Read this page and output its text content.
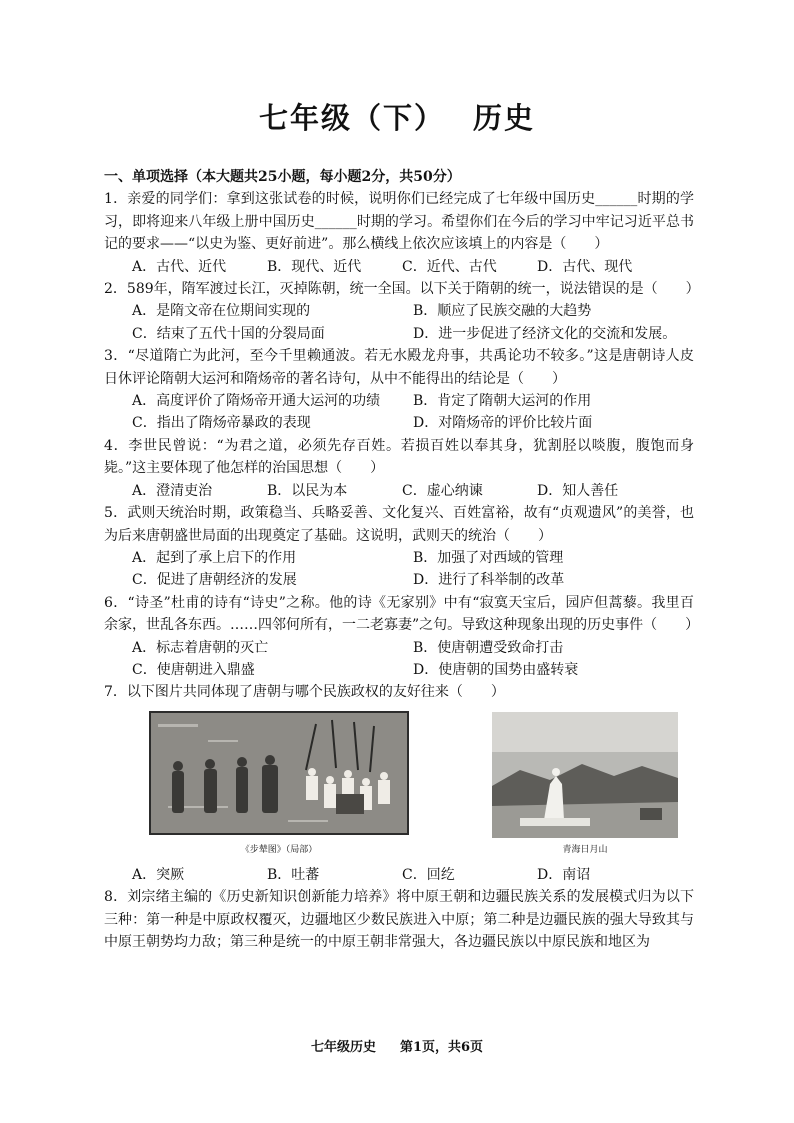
七年级（下） 历史
一、单项选择（本大题共25小题，每小题2分，共50分）

1．亲爱的同学们：拿到这张试卷的时候，说明你们已经完成了七年级中国历史______时期的学习，即将迎来八年级上册中国历史______时期的学习。希望你们在今后的学习中牢记习近平总书记的要求——“以史为鉴、更好前进”。那么横线上依次应该填上的内容是（　　）

A．古代、近代	B．现代、近代	C．近代、古代	D．古代、现代

2．589年，隋军渡过长江，灭掉陈朝，统一全国。以下关于隋朝的统一，说法错误的是（　　）

A．是隋文帝在位期间实现的	B．顺应了民族交融的大趋势
C．结束了五代十国的分裂局面	D．进一步促进了经济文化的交流和发展。

3．“尽道隋亡为此河，至今千里赖通波。若无水殿龙舟事，共禹论功不较多。”这是唐朝诗人皮日休评论隋朝大运河和隋炀帝的著名诗句，从中不能得出的结论是（　　）

A．高度评价了隋炀帝开通大运河的功绩	B．肯定了隋朝大运河的作用
C．指出了隋炀帝暴政的表现	D．对隋炀帝的评价比较片面

4．李世民曾说：“为君之道，必须先存百姓。若损百姓以奉其身，犹割胫以啖腹，腹饱而身毙。”这主要体现了他怎样的治国思想（　　）

A．澄清吏治	B．以民为本	C．虚心纳谏	D．知人善任

5．武则天统治时期，政策稳当、兵略妥善、文化复兴、百姓富裕，故有“贞观遗风”的美誉，也为后来唐朝盛世局面的出现奠定了基础。这说明，武则天的统治（　　）

A．起到了承上启下的作用	B．加强了对西域的管理
C．促进了唐朝经济的发展	D．进行了科举制的改革

6．“诗圣”杜甫的诗有“诗史”之称。他的诗《无家别》中有“寂寞天宝后，园庐但蒿藜。我里百余家，世乱各东西。……四邻何所有，一二老寡妻”之句。导致这种现象出现的历史事件（　　）

A．标志着唐朝的灭亡	B．使唐朝遭受致命打击
C．使唐朝进入鼎盛	D．使唐朝的国势由盛转衰

7．以下图片共同体现了唐朝与哪个民族政权的友好往来（　　）

《步辇图》（局部）	青海日月山
A．突厥	B．吐蕃	C．回纥	D．南诏

8．刘宗绪主编的《历史新知识创新能力培养》将中原王朝和边疆民族关系的发展模式归为以下三种：第一种是中原政权覆灭，边疆地区少数民族进入中原；第二种是边疆民族的强大导致其与中原王朝势均力敌；第三种是统一的中原王朝非常强大，各边疆民族以中原民族和地区为

七年级历史 第1页，共6页
